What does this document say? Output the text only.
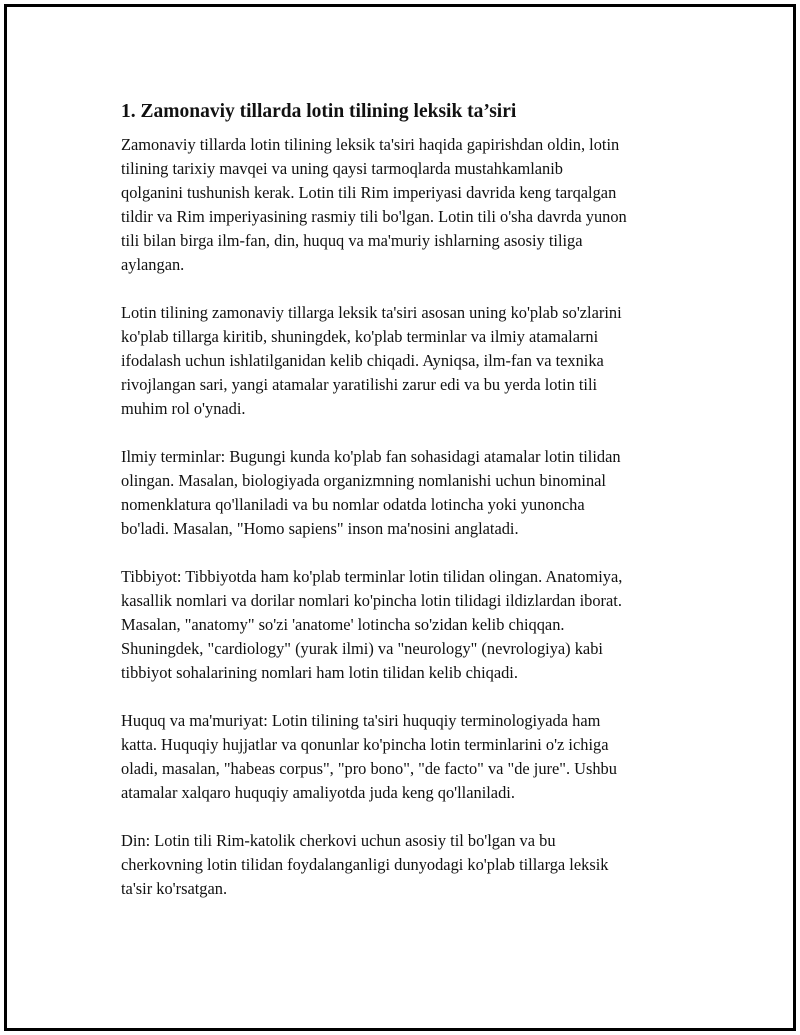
1. Zamonaviy tillarda lotin tilining leksik ta’siri
Zamonaviy tillarda lotin tilining leksik ta'siri haqida gapirishdan oldin, lotin
tilining tarixiy mavqei va uning qaysi tarmoqlarda mustahkamlanib
qolganini tushunish kerak. Lotin tili Rim imperiyasi davrida keng tarqalgan
tildir va Rim imperiyasining rasmiy tili bo'lgan. Lotin tili o'sha davrda yunon
tili bilan birga ilm-fan, din, huquq va ma'muriy ishlarning asosiy tiliga
aylangan.
Lotin tilining zamonaviy tillarga leksik ta'siri asosan uning ko'plab so'zlarini
ko'plab tillarga kiritib, shuningdek, ko'plab terminlar va ilmiy atamalarni
ifodalash uchun ishlatilganidan kelib chiqadi. Ayniqsa, ilm-fan va texnika
rivojlangan sari, yangi atamalar yaratilishi zarur edi va bu yerda lotin tili
muhim rol o'ynadi.
Ilmiy terminlar: Bugungi kunda ko'plab fan sohasidagi atamalar lotin tilidan
olingan. Masalan, biologiyada organizmning nomlanishi uchun binominal
nomenklatura qo'llaniladi va bu nomlar odatda lotincha yoki yunoncha
bo'ladi. Masalan, "Homo sapiens" inson ma'nosini anglatadi.
Tibbiyot: Tibbiyotda ham ko'plab terminlar lotin tilidan olingan. Anatomiya,
kasallik nomlari va dorilar nomlari ko'pincha lotin tilidagi ildizlardan iborat.
Masalan, "anatomy" so'zi 'anatome' lotincha so'zidan kelib chiqqan.
Shuningdek, "cardiology" (yurak ilmi) va "neurology" (nevrologiya) kabi
tibbiyot sohalarining nomlari ham lotin tilidan kelib chiqadi.
Huquq va ma'muriyat: Lotin tilining ta'siri huquqiy terminologiyada ham
katta. Huquqiy hujjatlar va qonunlar ko'pincha lotin terminlarini o'z ichiga
oladi, masalan, "habeas corpus", "pro bono", "de facto" va "de jure". Ushbu
atamalar xalqaro huquqiy amaliyotda juda keng qo'llaniladi.
Din: Lotin tili Rim-katolik cherkovi uchun asosiy til bo'lgan va bu
cherkovning lotin tilidan foydalanganligi dunyodagi ko'plab tillarga leksik
ta'sir ko'rsatgan.
